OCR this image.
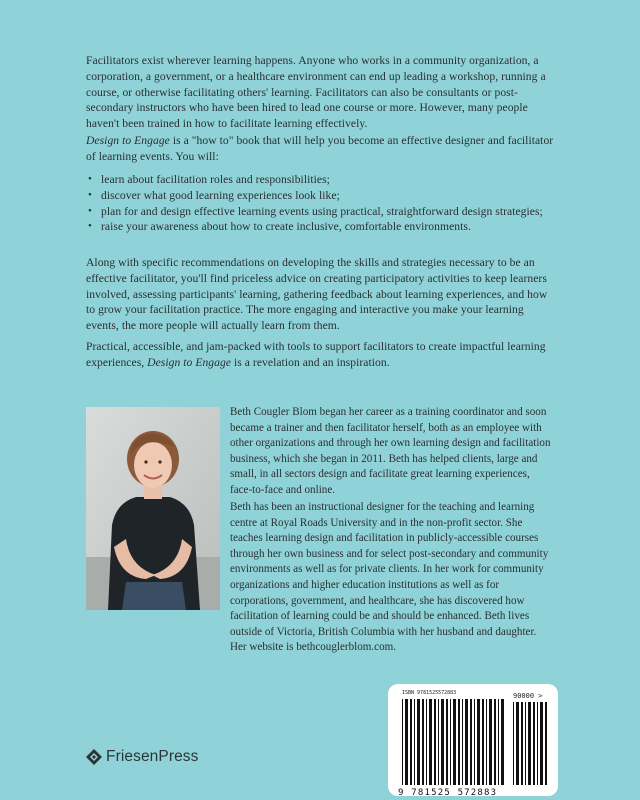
Facilitators exist wherever learning happens. Anyone who works in a community organization, a corporation, a government, or a healthcare environment can end up leading a workshop, running a course, or otherwise facilitating others' learning. Facilitators can also be consultants or post-secondary instructors who have been hired to lead one course or more. However, many people haven't been trained in how to facilitate learning effectively.

Design to Engage is a "how to" book that will help you become an effective designer and facilitator of learning events. You will:

• learn about facilitation roles and responsibilities;
• discover what good learning experiences look like;
• plan for and design effective learning events using practical, straightforward design strategies;
• raise your awareness about how to create inclusive, comfortable environments.

Along with specific recommendations on developing the skills and strategies necessary to be an effective facilitator, you'll find priceless advice on creating participatory activities to keep learners involved, assessing participants' learning, gathering feedback about learning experiences, and how to grow your facilitation practice. The more engaging and interactive you make your learning events, the more people will actually learn from them.

Practical, accessible, and jam-packed with tools to support facilitators to create impactful learning experiences, Design to Engage is a revelation and an inspiration.

Beth Cougler Blom began her career as a training coordinator and soon became a trainer and then facilitator herself, both as an employee with other organizations and through her own learning design and facilitation business, which she began in 2011. Beth has helped clients, large and small, in all sectors design and facilitate great learning experiences, face-to-face and online.

Beth has been an instructional designer for the teaching and learning centre at Royal Roads University and in the non-profit sector. She teaches learning design and facilitation in publicly-accessible courses through her own business and for select post-secondary and community environments as well as for private clients. In her work for community organizations and higher education institutions as well as for corporations, government, and healthcare, she has discovered how facilitation of learning could be and should be enhanced. Beth lives outside of Victoria, British Columbia with her husband and daughter. Her website is bethcouglerblom.com.

ISBN 9781525572883	90000 >
9 781525 572883
FriesenPress
